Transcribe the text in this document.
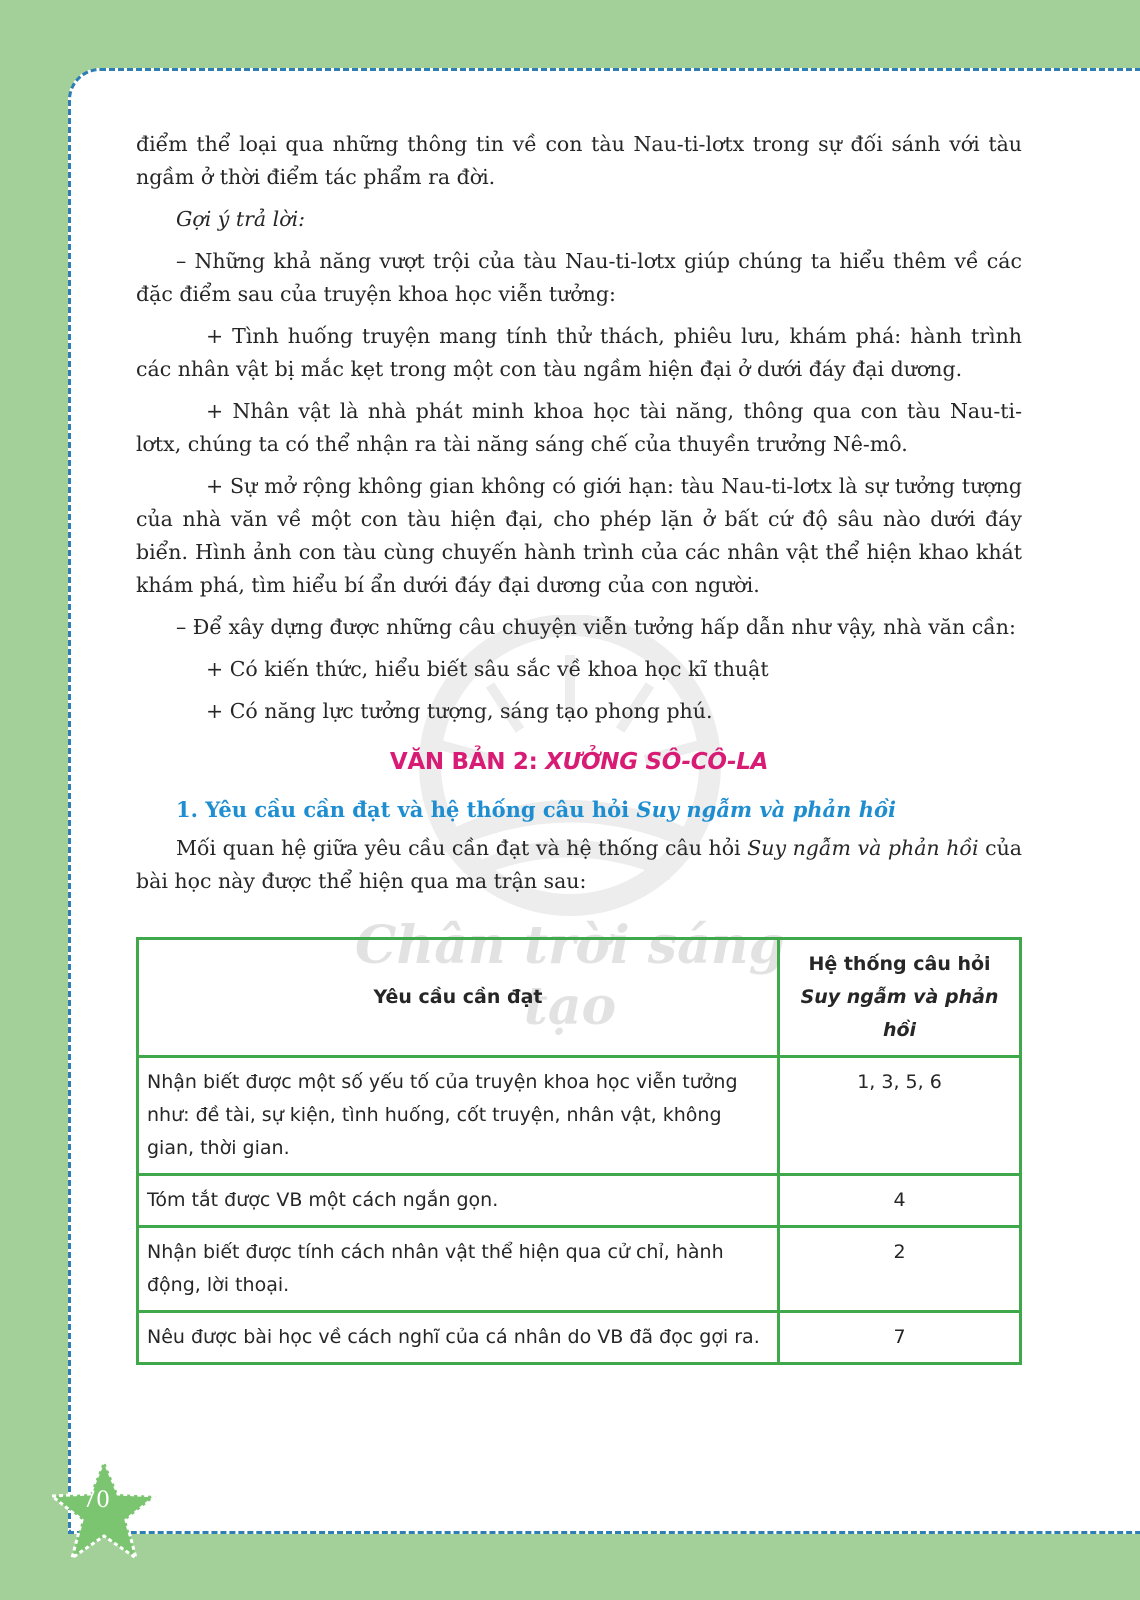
Chân trời sáng tạo

điểm thể loại qua những thông tin về con tàu Nau-ti-lơtx trong sự đối sánh với tàu ngầm ở thời điểm tác phẩm ra đời.

Gợi ý trả lời:

– Những khả năng vượt trội của tàu Nau-ti-lơtx giúp chúng ta hiểu thêm về các đặc điểm sau của truyện khoa học viễn tưởng:

+ Tình huống truyện mang tính thử thách, phiêu lưu, khám phá: hành trình các nhân vật bị mắc kẹt trong một con tàu ngầm hiện đại ở dưới đáy đại dương.

+ Nhân vật là nhà phát minh khoa học tài năng, thông qua con tàu Nau-ti-lơtx, chúng ta có thể nhận ra tài năng sáng chế của thuyền trưởng Nê-mô.

+ Sự mở rộng không gian không có giới hạn: tàu Nau-ti-lơtx là sự tưởng tượng của nhà văn về một con tàu hiện đại, cho phép lặn ở bất cứ độ sâu nào dưới đáy biển. Hình ảnh con tàu cùng chuyến hành trình của các nhân vật thể hiện khao khát khám phá, tìm hiểu bí ẩn dưới đáy đại dương của con người.

– Để xây dựng được những câu chuyện viễn tưởng hấp dẫn như vậy, nhà văn cần:

+ Có kiến thức, hiểu biết sâu sắc về khoa học kĩ thuật

+ Có năng lực tưởng tượng, sáng tạo phong phú.

VĂN BẢN 2: XƯỞNG SÔ-CÔ-LA
1. Yêu cầu cần đạt và hệ thống câu hỏi Suy ngẫm và phản hồi

Mối quan hệ giữa yêu cầu cần đạt và hệ thống câu hỏi Suy ngẫm và phản hồi của bài học này được thể hiện qua ma trận sau:

Yêu cầu cần đạt	Hệ thống câu hỏi
Suy ngẫm và phản hồi

Nhận biết được một số yếu tố của truyện khoa học viễn tưởng như: đề tài, sự kiện, tình huống, cốt truyện, nhân vật, không gian, thời gian.	1, 3, 5, 6
Tóm tắt được VB một cách ngắn gọn.	4
Nhận biết được tính cách nhân vật thể hiện qua cử chỉ, hành động, lời thoại.	2
Nêu được bài học về cách nghĩ của cá nhân do VB đã đọc gợi ra.	7
70
